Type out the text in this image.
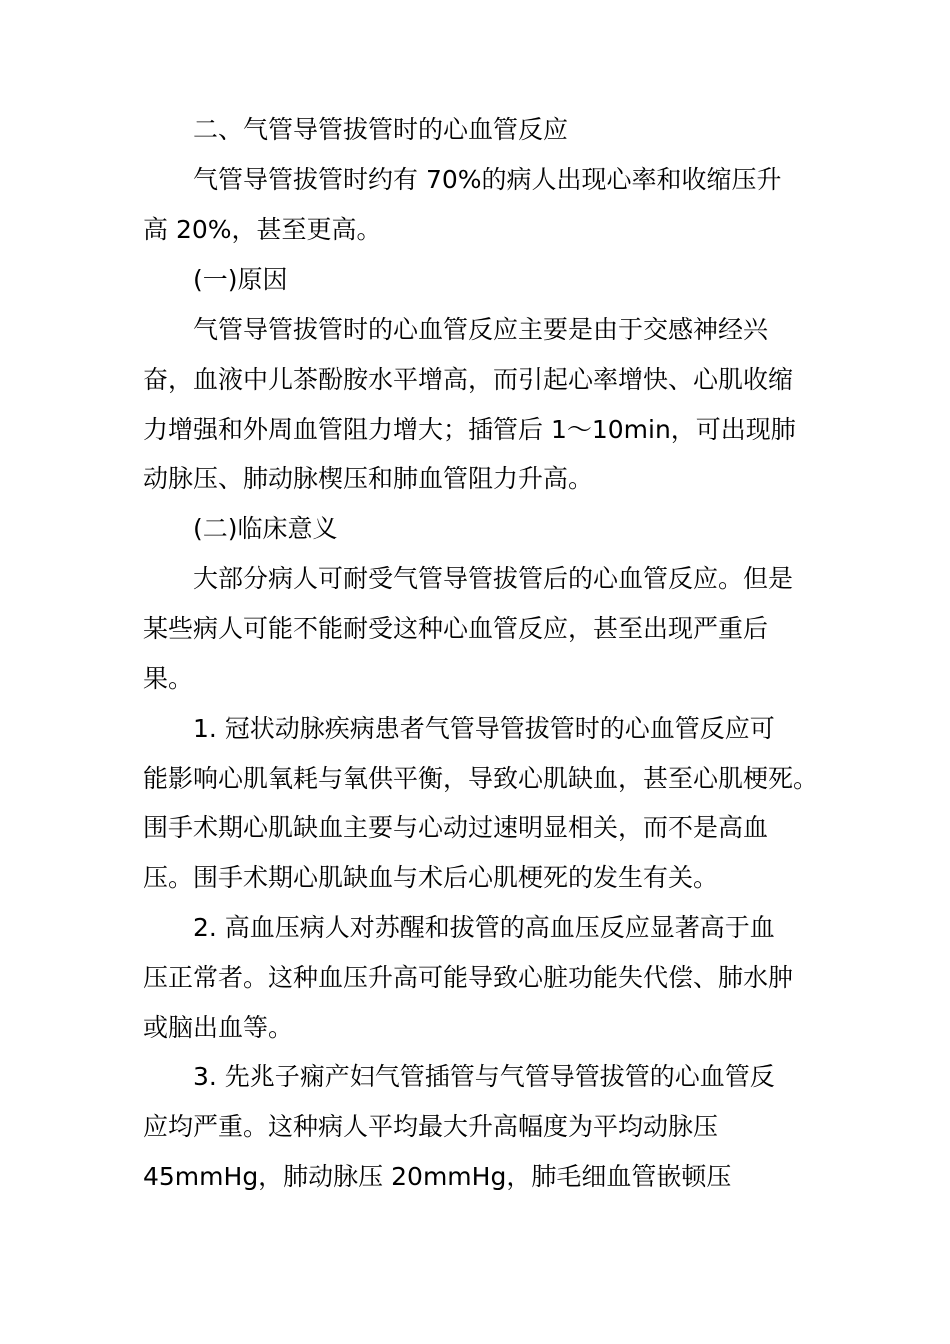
二、气管导管拔管时的心血管反应
气管导管拔管时约有 70%的病人出现心率和收缩压升
高 20%，甚至更高。
(一)原因
气管导管拔管时的心血管反应主要是由于交感神经兴
奋，血液中儿茶酚胺水平增高，而引起心率增快、心肌收缩
力增强和外周血管阻力增大；插管后 1～10min，可出现肺
动脉压、肺动脉楔压和肺血管阻力升高。
(二)临床意义
大部分病人可耐受气管导管拔管后的心血管反应。但是
某些病人可能不能耐受这种心血管反应，甚至出现严重后
果。
1. 冠状动脉疾病患者气管导管拔管时的心血管反应可
能影响心肌氧耗与氧供平衡，导致心肌缺血，甚至心肌梗死。
围手术期心肌缺血主要与心动过速明显相关，而不是高血
压。围手术期心肌缺血与术后心肌梗死的发生有关。
2. 高血压病人对苏醒和拔管的高血压反应显著高于血
压正常者。这种血压升高可能导致心脏功能失代偿、肺水肿
或脑出血等。
3. 先兆子痫产妇气管插管与气管导管拔管的心血管反
应均严重。这种病人平均最大升高幅度为平均动脉压
45mmHg，肺动脉压 20mmHg，肺毛细血管嵌顿压
